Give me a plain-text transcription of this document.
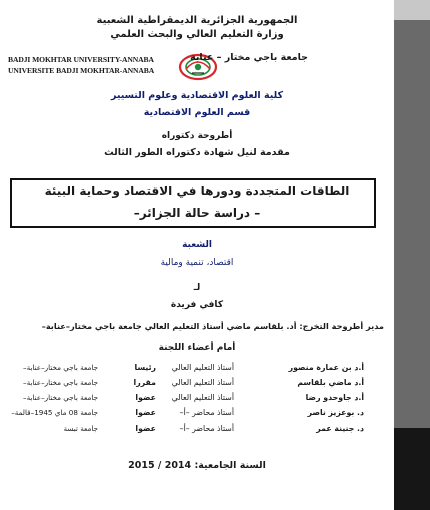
الجمهورية الجزائرية الديمقراطية الشعبية
وزارة التعليم العالي والبحث العلمي
BADJI MOKHTAR UNIVERSITY-ANNABA
UNIVERSITE BADJI MOKHTAR-ANNABA
جامعة باجي مختار – عنابة
كلية العلوم الاقتصادية وعلوم التسيير
قسم العلوم الاقتصادية
أطروحة دكتوراه
مقدمة لنيل شهادة دكتوراه الطور الثالث
الطاقات المتجددة ودورها في الاقتصاد وحماية البيئة
– دراسة حالة الجزائر–
الشعبة
اقتصاد، تنمية ومالية
لـ
كافي فريدة
مدير أطروحة التخرج: أد. بلقاسم ماضي أستاذ التعليم العالي جامعة باجي مختار–عنابة–
أمام أعضاء اللجنة
أ.د بن عمارة منصور
أستاذ التعليم العالي
رئيسا
جامعة باجي مختار–عنابة–
أ.د ماضي بلقاسم
أستاذ التعليم العالي
مقررا
جامعة باجي مختار–عنابة–
أ.د جاوحدو رضا
أستاذ التعليم العالي
عضوا
جامعة باجي مختار–عنابة–
د. بوعزيز ناصر
أستاذ محاضر –أ–
عضوا
جامعة 08 ماي 1945–قالمة–
د. جنينة عمر
أستاذ محاضر –أ–
عضوا
جامعة تبسة
السنة الجامعية: 2014 / 2015
